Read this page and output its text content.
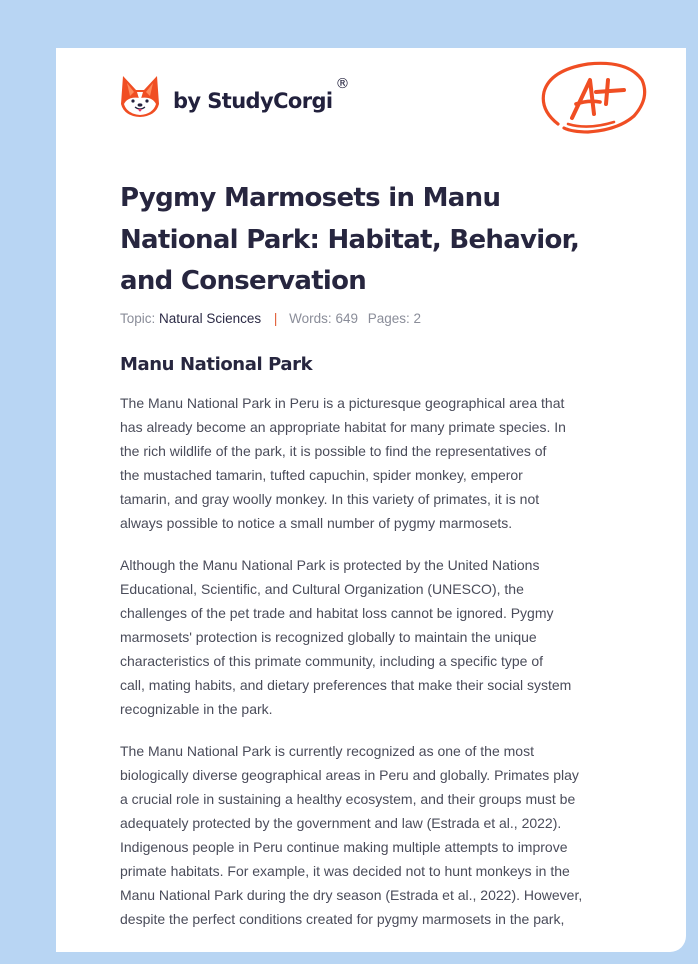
by StudyCorgi
®
Pygmy Marmosets in Manu
National Park: Habitat, Behavior,
and Conservation
Topic: Natural Sciences | Words: 649 Pages: 2
Manu National Park

The Manu National Park in Peru is a picturesque geographical area that
has already become an appropriate habitat for many primate species. In
the rich wildlife of the park, it is possible to find the representatives of
the mustached tamarin, tufted capuchin, spider monkey, emperor
tamarin, and gray woolly monkey. In this variety of primates, it is not
always possible to notice a small number of pygmy marmosets.

Although the Manu National Park is protected by the United Nations
Educational, Scientific, and Cultural Organization (UNESCO), the
challenges of the pet trade and habitat loss cannot be ignored. Pygmy
marmosets' protection is recognized globally to maintain the unique
characteristics of this primate community, including a specific type of
call, mating habits, and dietary preferences that make their social system
recognizable in the park.

The Manu National Park is currently recognized as one of the most
biologically diverse geographical areas in Peru and globally. Primates play
a crucial role in sustaining a healthy ecosystem, and their groups must be
adequately protected by the government and law (Estrada et al., 2022).
Indigenous people in Peru continue making multiple attempts to improve
primate habitats. For example, it was decided not to hunt monkeys in the
Manu National Park during the dry season (Estrada et al., 2022). However,
despite the perfect conditions created for pygmy marmosets in the park,
